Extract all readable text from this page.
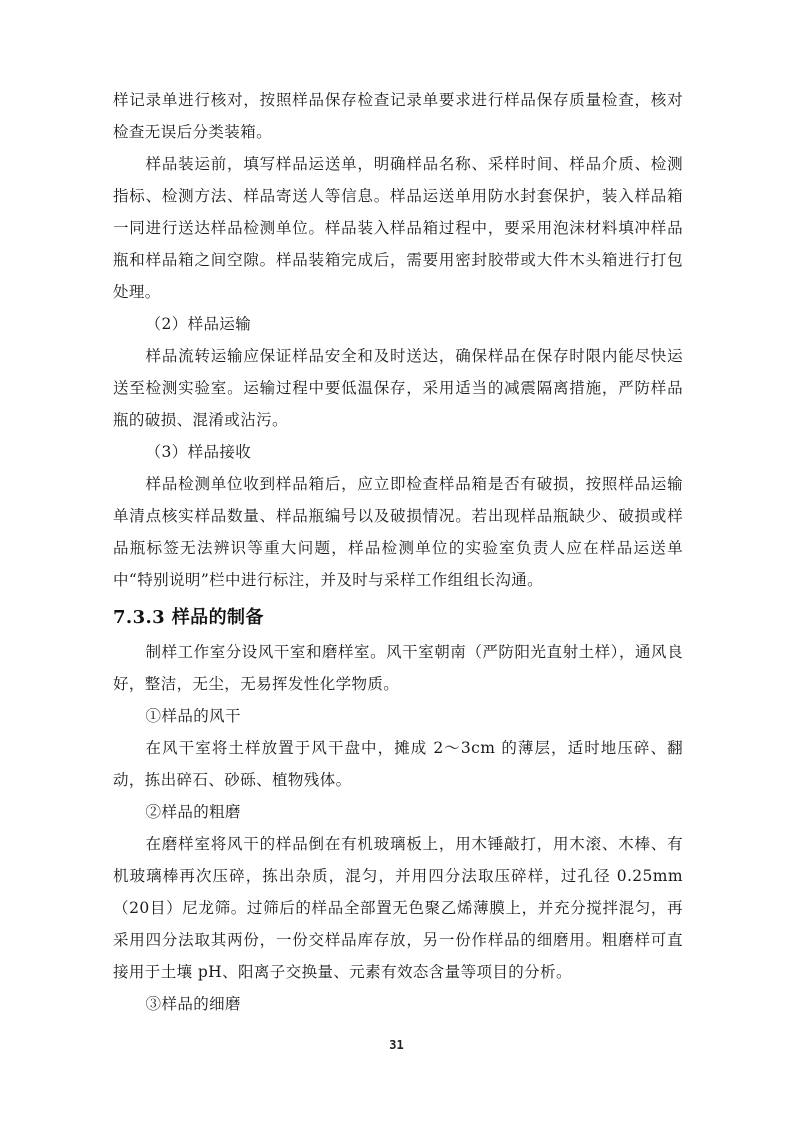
样记录单进行核对，按照样品保存检查记录单要求进行样品保存质量检查，核对检查无误后分类装箱。

样品装运前，填写样品运送单，明确样品名称、采样时间、样品介质、检测指标、检测方法、样品寄送人等信息。样品运送单用防水封套保护，装入样品箱一同进行送达样品检测单位。样品装入样品箱过程中，要采用泡沫材料填冲样品瓶和样品箱之间空隙。样品装箱完成后，需要用密封胶带或大件木头箱进行打包处理。

（2）样品运输

样品流转运输应保证样品安全和及时送达，确保样品在保存时限内能尽快运送至检测实验室。运输过程中要低温保存，采用适当的减震隔离措施，严防样品瓶的破损、混淆或沾污。

（3）样品接收

样品检测单位收到样品箱后，应立即检查样品箱是否有破损，按照样品运输单清点核实样品数量、样品瓶编号以及破损情况。若出现样品瓶缺少、破损或样品瓶标签无法辨识等重大问题，样品检测单位的实验室负责人应在样品运送单中“特别说明”栏中进行标注，并及时与采样工作组组长沟通。

7.3.3 样品的制备

制样工作室分设风干室和磨样室。风干室朝南（严防阳光直射土样），通风良好，整洁，无尘，无易挥发性化学物质。

①样品的风干

在风干室将土样放置于风干盘中，摊成 2～3cm 的薄层，适时地压碎、翻动，拣出碎石、砂砾、植物残体。

②样品的粗磨

在磨样室将风干的样品倒在有机玻璃板上，用木锤敲打，用木滚、木棒、有机玻璃棒再次压碎，拣出杂质，混匀，并用四分法取压碎样，过孔径 0.25mm（20目）尼龙筛。过筛后的样品全部置无色聚乙烯薄膜上，并充分搅拌混匀，再采用四分法取其两份，一份交样品库存放，另一份作样品的细磨用。粗磨样可直接用于土壤 pH、阳离子交换量、元素有效态含量等项目的分析。

③样品的细磨

31
